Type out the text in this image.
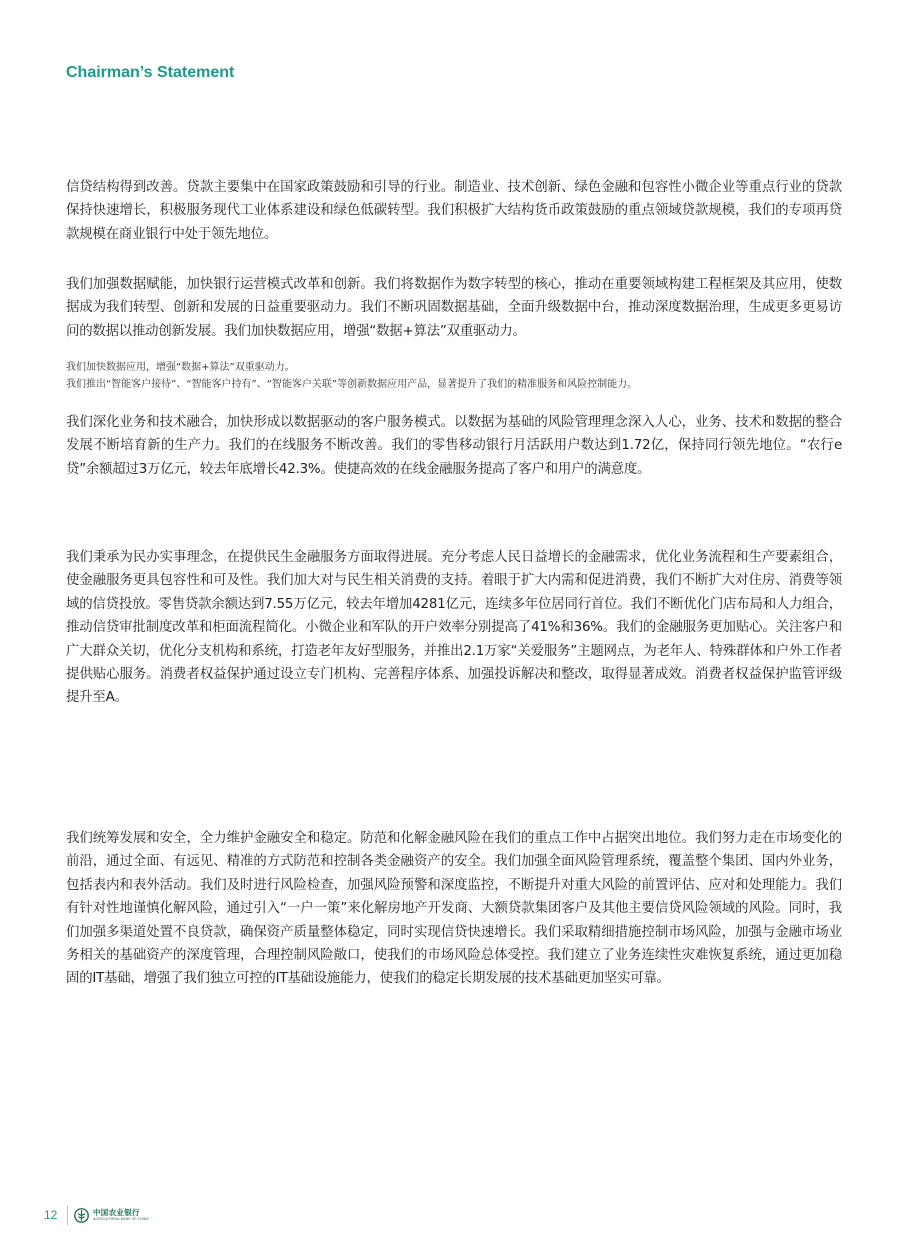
Chairman’s Statement

信贷结构得到改善。贷款主要集中在国家政策鼓励和引导的行业。制造业、技术创新、绿色金融和包容性小微企业等重点行业的贷款保持快速增长，积极服务现代工业体系建设和绿色低碳转型。我们积极扩大结构货币政策鼓励的重点领域贷款规模，我们的专项再贷款规模在商业银行中处于领先地位。

我们加强数据赋能，加快银行运营模式改革和创新。我们将数据作为数字转型的核心，推动在重要领域构建工程框架及其应用，使数据成为我们转型、创新和发展的日益重要驱动力。我们不断巩固数据基础，全面升级数据中台，推动深度数据治理，生成更多更易访问的数据以推动创新发展。我们加快数据应用，增强“数据+算法”双重驱动力。

我们加快数据应用，增强“数据+算法”双重驱动力。

我们推出“智能客户接待”、“智能客户持有”、“智能客户关联”等创新数据应用产品，显著提升了我们的精准服务和风险控制能力。

我们深化业务和技术融合，加快形成以数据驱动的客户服务模式。以数据为基础的风险管理理念深入人心，业务、技术和数据的整合发展不断培育新的生产力。我们的在线服务不断改善。我们的零售移动银行月活跃用户数达到1.72亿，保持同行领先地位。“农行e贷”余额超过3万亿元，较去年底增长42.3%。使捷高效的在线金融服务提高了客户和用户的满意度。

我们秉承为民办实事理念，在提供民生金融服务方面取得进展。充分考虑人民日益增长的金融需求，优化业务流程和生产要素组合，使金融服务更具包容性和可及性。我们加大对与民生相关消费的支持。着眼于扩大内需和促进消费，我们不断扩大对住房、消费等领域的信贷投放。零售贷款余额达到7.55万亿元，较去年增加4281亿元，连续多年位居同行首位。我们不断优化门店布局和人力组合，推动信贷审批制度改革和柜面流程简化。小微企业和军队的开户效率分别提高了41%和36%。我们的金融服务更加贴心。关注客户和广大群众关切，优化分支机构和系统，打造老年友好型服务，并推出2.1万家“关爱服务”主题网点，为老年人、特殊群体和户外工作者提供贴心服务。消费者权益保护通过设立专门机构、完善程序体系、加强投诉解决和整改，取得显著成效。消费者权益保护监管评级提升至A。

我们统筹发展和安全，全力维护金融安全和稳定。防范和化解金融风险在我们的重点工作中占据突出地位。我们努力走在市场变化的前沿，通过全面、有远见、精准的方式防范和控制各类金融资产的安全。我们加强全面风险管理系统，覆盖整个集团、国内外业务，包括表内和表外活动。我们及时进行风险检查，加强风险预警和深度监控，不断提升对重大风险的前置评估、应对和处理能力。我们有针对性地谨慎化解风险，通过引入“一户一策”来化解房地产开发商、大额贷款集团客户及其他主要信贷风险领域的风险。同时，我们加强多渠道处置不良贷款，确保资产质量整体稳定，同时实现信贷快速增长。我们采取精细措施控制市场风险，加强与金融市场业务相关的基础资产的深度管理，合理控制风险敞口，使我们的市场风险总体受控。我们建立了业务连续性灾难恢复系统，通过更加稳固的IT基础，增强了我们独立可控的IT基础设施能力，使我们的稳定长期发展的技术基础更加坚实可靠。

12	中国农业银行
AGRICULTURAL BANK OF CHINA
